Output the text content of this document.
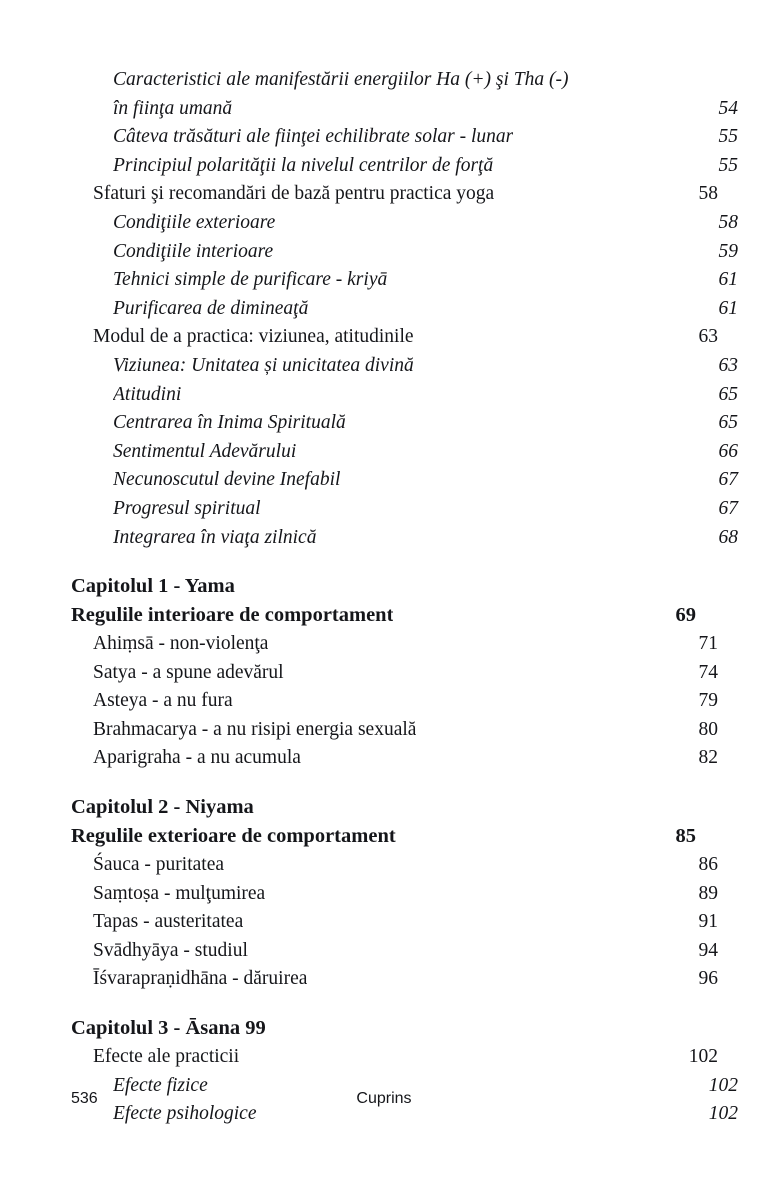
Caracteristici ale manifestării energiilor Ha (+) şi Tha (-)
în fiinţa umană	54
Câteva trăsături ale fiinţei echilibrate solar - lunar	55
Principiul polarităţii la nivelul centrilor de forţă	55
Sfaturi şi recomandări de bază pentru practica yoga	58
Condiţiile exterioare	58
Condiţiile interioare	59
Tehnici simple de purificare - kriyā	61
Purificarea de dimineaţă	61
Modul de a practica: viziunea, atitudinile	63
Viziunea: Unitatea și unicitatea divină	63
Atitudini	65
Centrarea în Inima Spirituală	65
Sentimentul Adevărului	66
Necunoscutul devine Inefabil	67
Progresul spiritual	67
Integrarea în viaţa zilnică	68
Capitolul 1 - Yama
Regulile interioare de comportament	69
Ahiṃsā - non-violenţa	71
Satya - a spune adevărul	74
Asteya - a nu fura	79
Brahmacarya - a nu risipi energia sexuală	80
Aparigraha - a nu acumula	82
Capitolul 2 - Niyama
Regulile exterioare de comportament	85
Śauca - puritatea	86
Saṃtoṣa - mulţumirea	89
Tapas - austeritatea	91
Svādhyāya - studiul	94
Īśvarapraṇidhāna - dăruirea	96
Capitolul 3 - Āsana 99
Efecte ale practicii	102
Efecte fizice	102
Efecte psihologice	102
536	Cuprins
